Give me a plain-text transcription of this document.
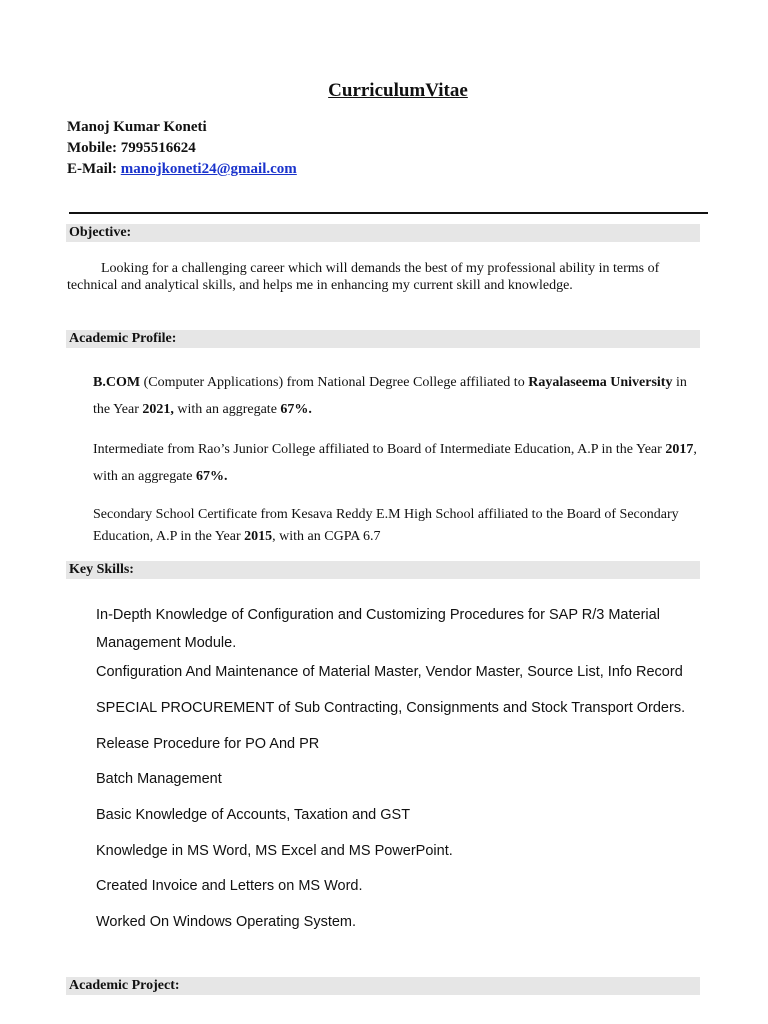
CurriculumVitae
Manoj Kumar Koneti
Mobile: 7995516624
E-Mail: manojkoneti24@gmail.com
Objective:
Looking for a challenging career which will demands the best of my professional ability in terms of technical and analytical skills, and helps me in enhancing my current skill and knowledge.
Academic Profile:
B.COM (Computer Applications) from National Degree College affiliated to Rayalaseema University in the Year 2021, with an aggregate 67%.
Intermediate from Rao’s Junior College affiliated to Board of Intermediate Education, A.P in the Year 2017, with an aggregate 67%.
Secondary School Certificate from Kesava Reddy E.M High School affiliated to the Board of Secondary Education, A.P in the Year 2015, with an CGPA 6.7
Key Skills:
In-Depth Knowledge of Configuration and Customizing Procedures for SAP R/3 Material Management Module.
Configuration And Maintenance of Material Master, Vendor Master, Source List, Info Record
SPECIAL PROCUREMENT of Sub Contracting, Consignments and Stock Transport Orders.
Release Procedure for PO And PR
Batch Management
Basic Knowledge of Accounts, Taxation and GST
Knowledge in MS Word, MS Excel and MS PowerPoint.
Created Invoice and Letters on MS Word.
Worked On Windows Operating System.
Academic Project:
